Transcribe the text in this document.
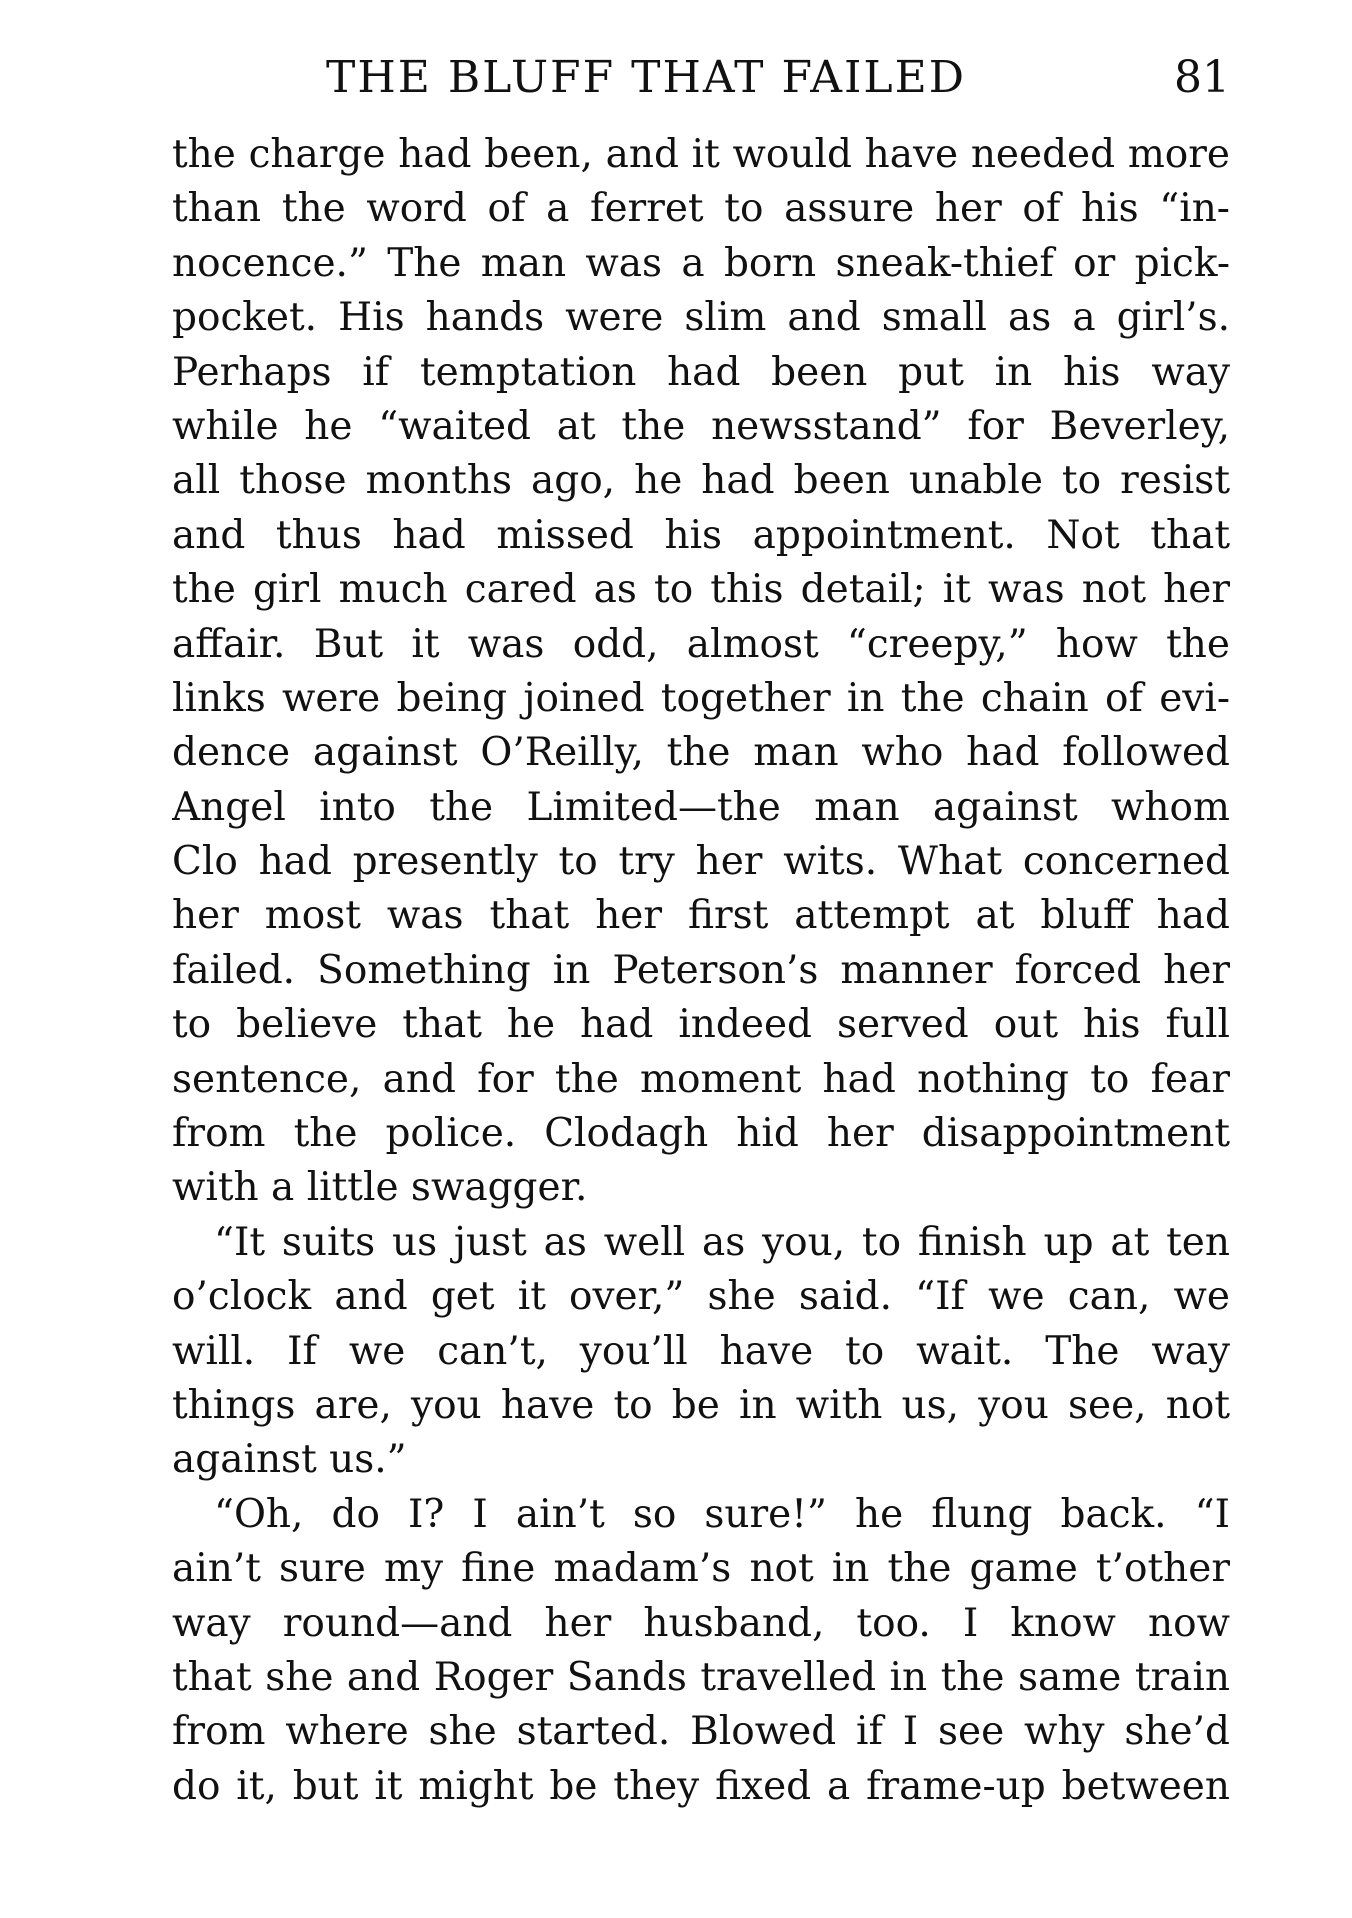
THE BLUFF THAT FAILED	81
the charge had been, and it would have needed more
than the word of a ferret to assure her of his “in-
nocence.” The man was a born sneak-thief or pick-
pocket. His hands were slim and small as a girl’s.
Perhaps if temptation had been put in his way
while he “waited at the newsstand” for Beverley,
all those months ago, he had been unable to resist
and thus had missed his appointment. Not that
the girl much cared as to this detail; it was not her
affair. But it was odd, almost “creepy,” how the
links were being joined together in the chain of evi-
dence against O’Reilly, the man who had followed
Angel into the Limited—the man against whom
Clo had presently to try her wits. What concerned
her most was that her first attempt at bluff had
failed. Something in Peterson’s manner forced her
to believe that he had indeed served out his full
sentence, and for the moment had nothing to fear
from the police. Clodagh hid her disappointment
with a little swagger.
“It suits us just as well as you, to finish up at ten
o’clock and get it over,” she said. “If we can, we
will. If we can’t, you’ll have to wait. The way
things are, you have to be in with us, you see, not
against us.”
“Oh, do I? I ain’t so sure!” he flung back. “I
ain’t sure my fine madam’s not in the game t’other
way round—and her husband, too. I know now
that she and Roger Sands travelled in the same train
from where she started. Blowed if I see why she’d
do it, but it might be they fixed a frame-up between
